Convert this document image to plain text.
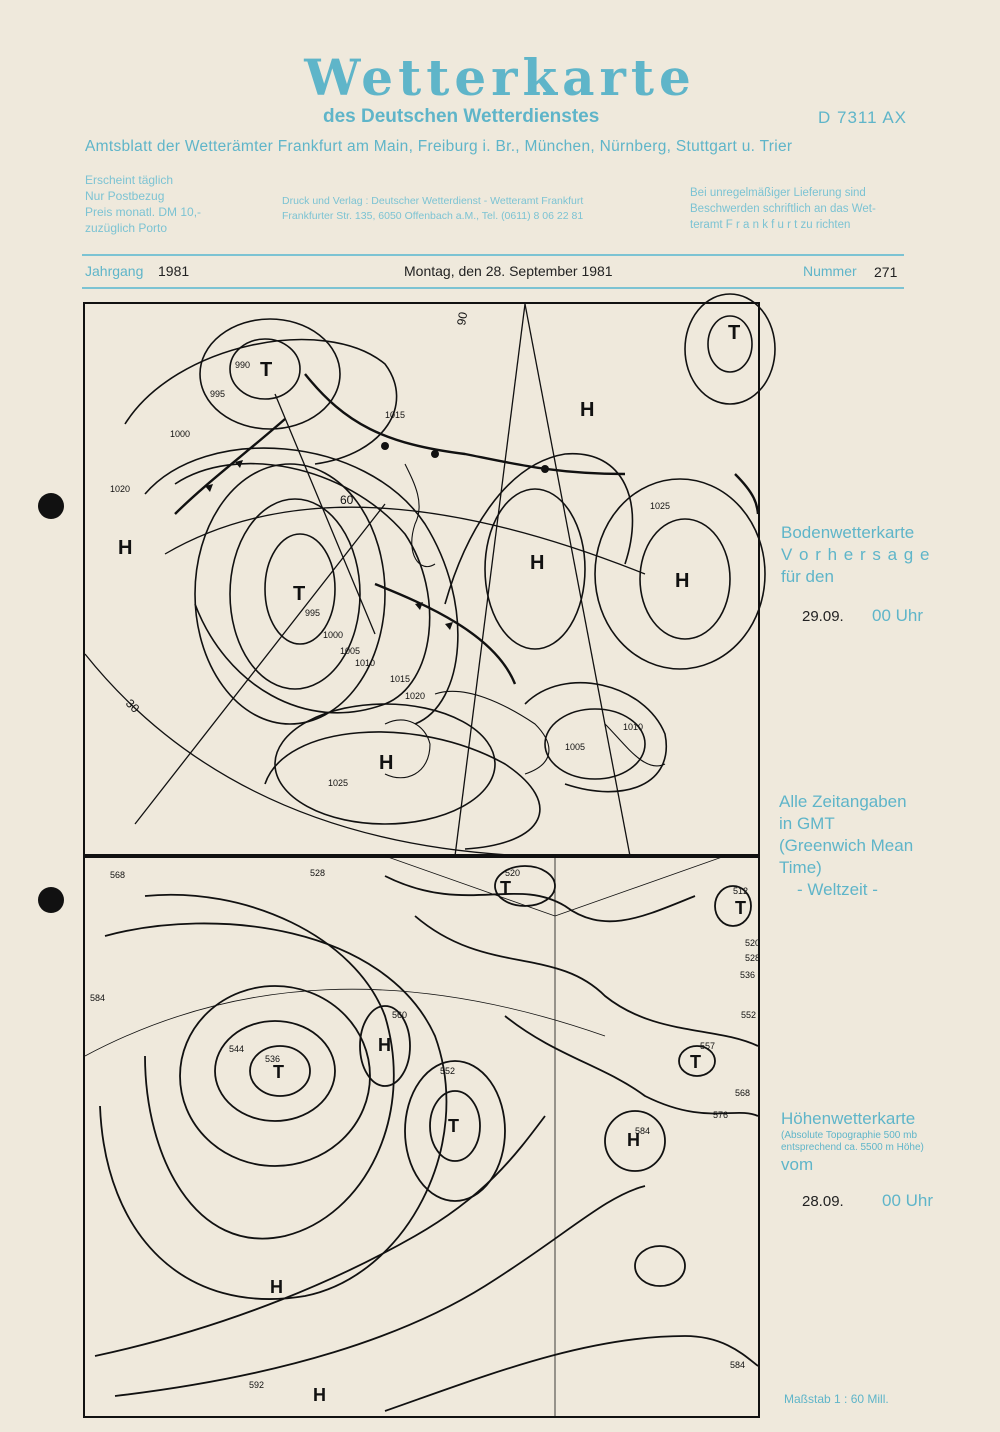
Wetterkarte
des Deutschen Wetterdienstes	D 7311 AX
Amtsblatt der Wetterämter Frankfurt am Main, Freiburg i. Br., München, Nürnberg, Stuttgart u. Trier
Erscheint täglich
Nur Postbezug
Preis monatl. DM 10,-
zuzüglich Porto
Druck und Verlag : Deutscher Wetterdienst - Wetteramt Frankfurt
Frankfurter Str. 135, 6050 Offenbach a.M., Tel. (0611) 8 06 22 81
Bei unregelmäßiger Lieferung sind
Beschwerden schriftlich an das Wet-
teramt F r a n k f u r t zu richten
Jahrgang 1981	Montag, den 28. September 1981	Nummer 271
T
T
T
H
H
H
H
H
990
995
995
1000
1000
1005
1005
1010
1010
1015
1015
1020
1020
1025
1025
30
60
90
T
T
T
T
T
H
H
H
H
512
520
520
528
528
536
536
544
552
552
557
560
568
568
576
584
584
584
592
Bodenwetterkarte
V o r h e r s a g e
für den
29.09. 00 Uhr
Alle Zeitangaben
in GMT
(Greenwich Mean
Time)
- Weltzeit -
Höhenwetterkarte
(Absolute Topographie 500 mb
entsprechend ca. 5500 m Höhe)
vom
28.09. 00 Uhr
Maßstab 1 : 60 Mill.
